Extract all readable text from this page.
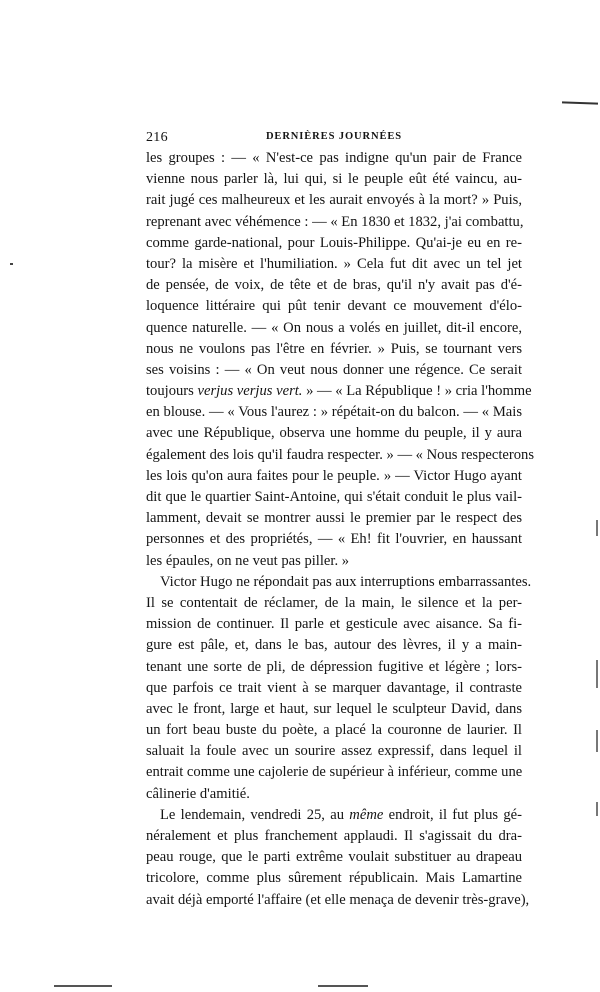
216	DERNIÈRES JOURNÉES

les groupes : — « N'est-ce pas indigne qu'un pair de France
vienne nous parler là, lui qui, si le peuple eût été vaincu, au-
rait jugé ces malheureux et les aurait envoyés à la mort? » Puis,
reprenant avec véhémence : — « En 1830 et 1832, j'ai combattu,
comme garde-national, pour Louis-Philippe. Qu'ai-je eu en re-
tour? la misère et l'humiliation. » Cela fut dit avec un tel jet
de pensée, de voix, de tête et de bras, qu'il n'y avait pas d'é-
loquence littéraire qui pût tenir devant ce mouvement d'élo-
quence naturelle. — « On nous a volés en juillet, dit-il encore,
nous ne voulons pas l'être en février. » Puis, se tournant vers
ses voisins : — « On veut nous donner une régence. Ce serait
toujours verjus verjus vert. » — « La République ! » cria l'homme
en blouse. — « Vous l'aurez : » répétait-on du balcon. — « Mais
avec une République, observa une homme du peuple, il y aura
également des lois qu'il faudra respecter. » — « Nous respecterons
les lois qu'on aura faites pour le peuple. » — Victor Hugo ayant
dit que le quartier Saint-Antoine, qui s'était conduit le plus vail-
lamment, devait se montrer aussi le premier par le respect des
personnes et des propriétés, — « Eh! fit l'ouvrier, en haussant
les épaules, on ne veut pas piller. »

Victor Hugo ne répondait pas aux interruptions embarrassantes.
Il se contentait de réclamer, de la main, le silence et la per-
mission de continuer. Il parle et gesticule avec aisance. Sa fi-
gure est pâle, et, dans le bas, autour des lèvres, il y a main-
tenant une sorte de pli, de dépression fugitive et légère ; lors-
que parfois ce trait vient à se marquer davantage, il contraste
avec le front, large et haut, sur lequel le sculpteur David, dans
un fort beau buste du poète, a placé la couronne de laurier. Il
saluait la foule avec un sourire assez expressif, dans lequel il
entrait comme une cajolerie de supérieur à inférieur, comme une
câlinerie d'amitié.

Le lendemain, vendredi 25, au même endroit, il fut plus gé-
néralement et plus franchement applaudi. Il s'agissait du dra-
peau rouge, que le parti extrême voulait substituer au drapeau
tricolore, comme plus sûrement républicain. Mais Lamartine
avait déjà emporté l'affaire (et elle menaça de devenir très-grave),
